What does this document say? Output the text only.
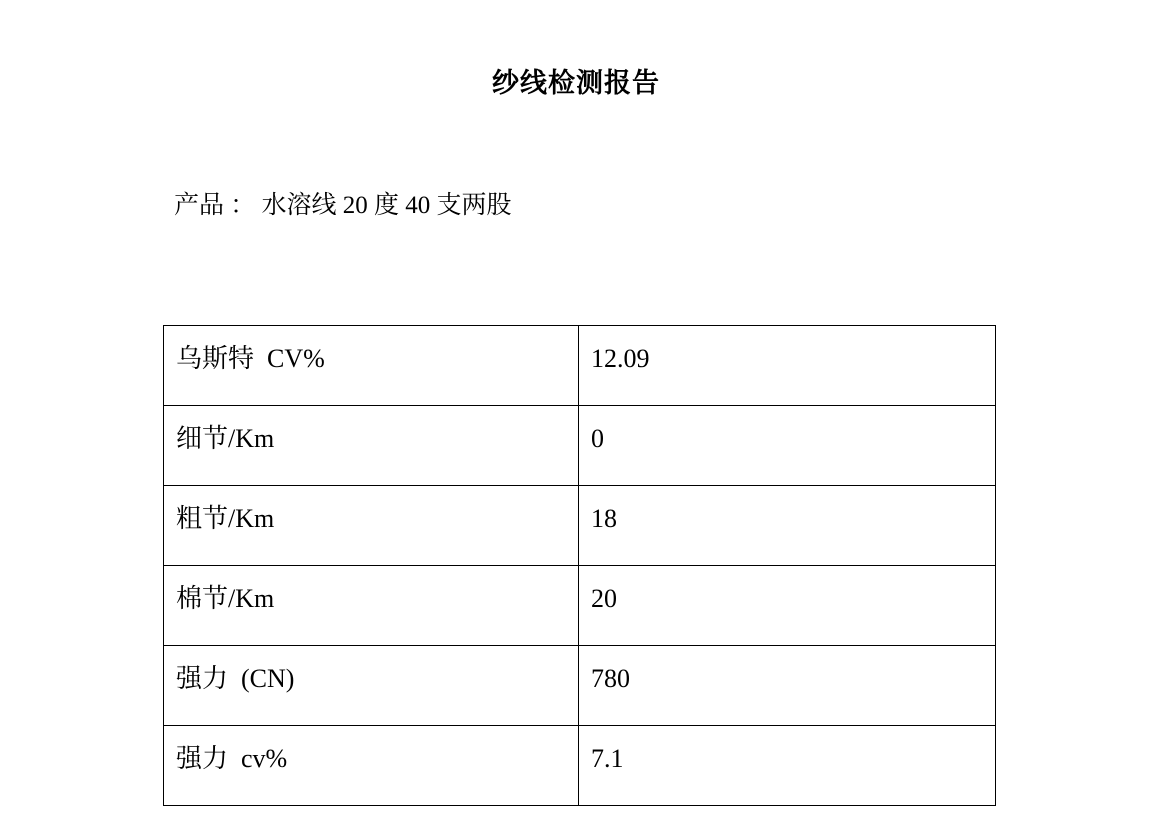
纱线检测报告
产品 ： 水溶线 20 度 40 支两股
乌斯特  CV%	12.09

细节/Km	0

粗节/Km	18

棉节/Km	20

强力  (CN)	780

强力  cv%	7.1
